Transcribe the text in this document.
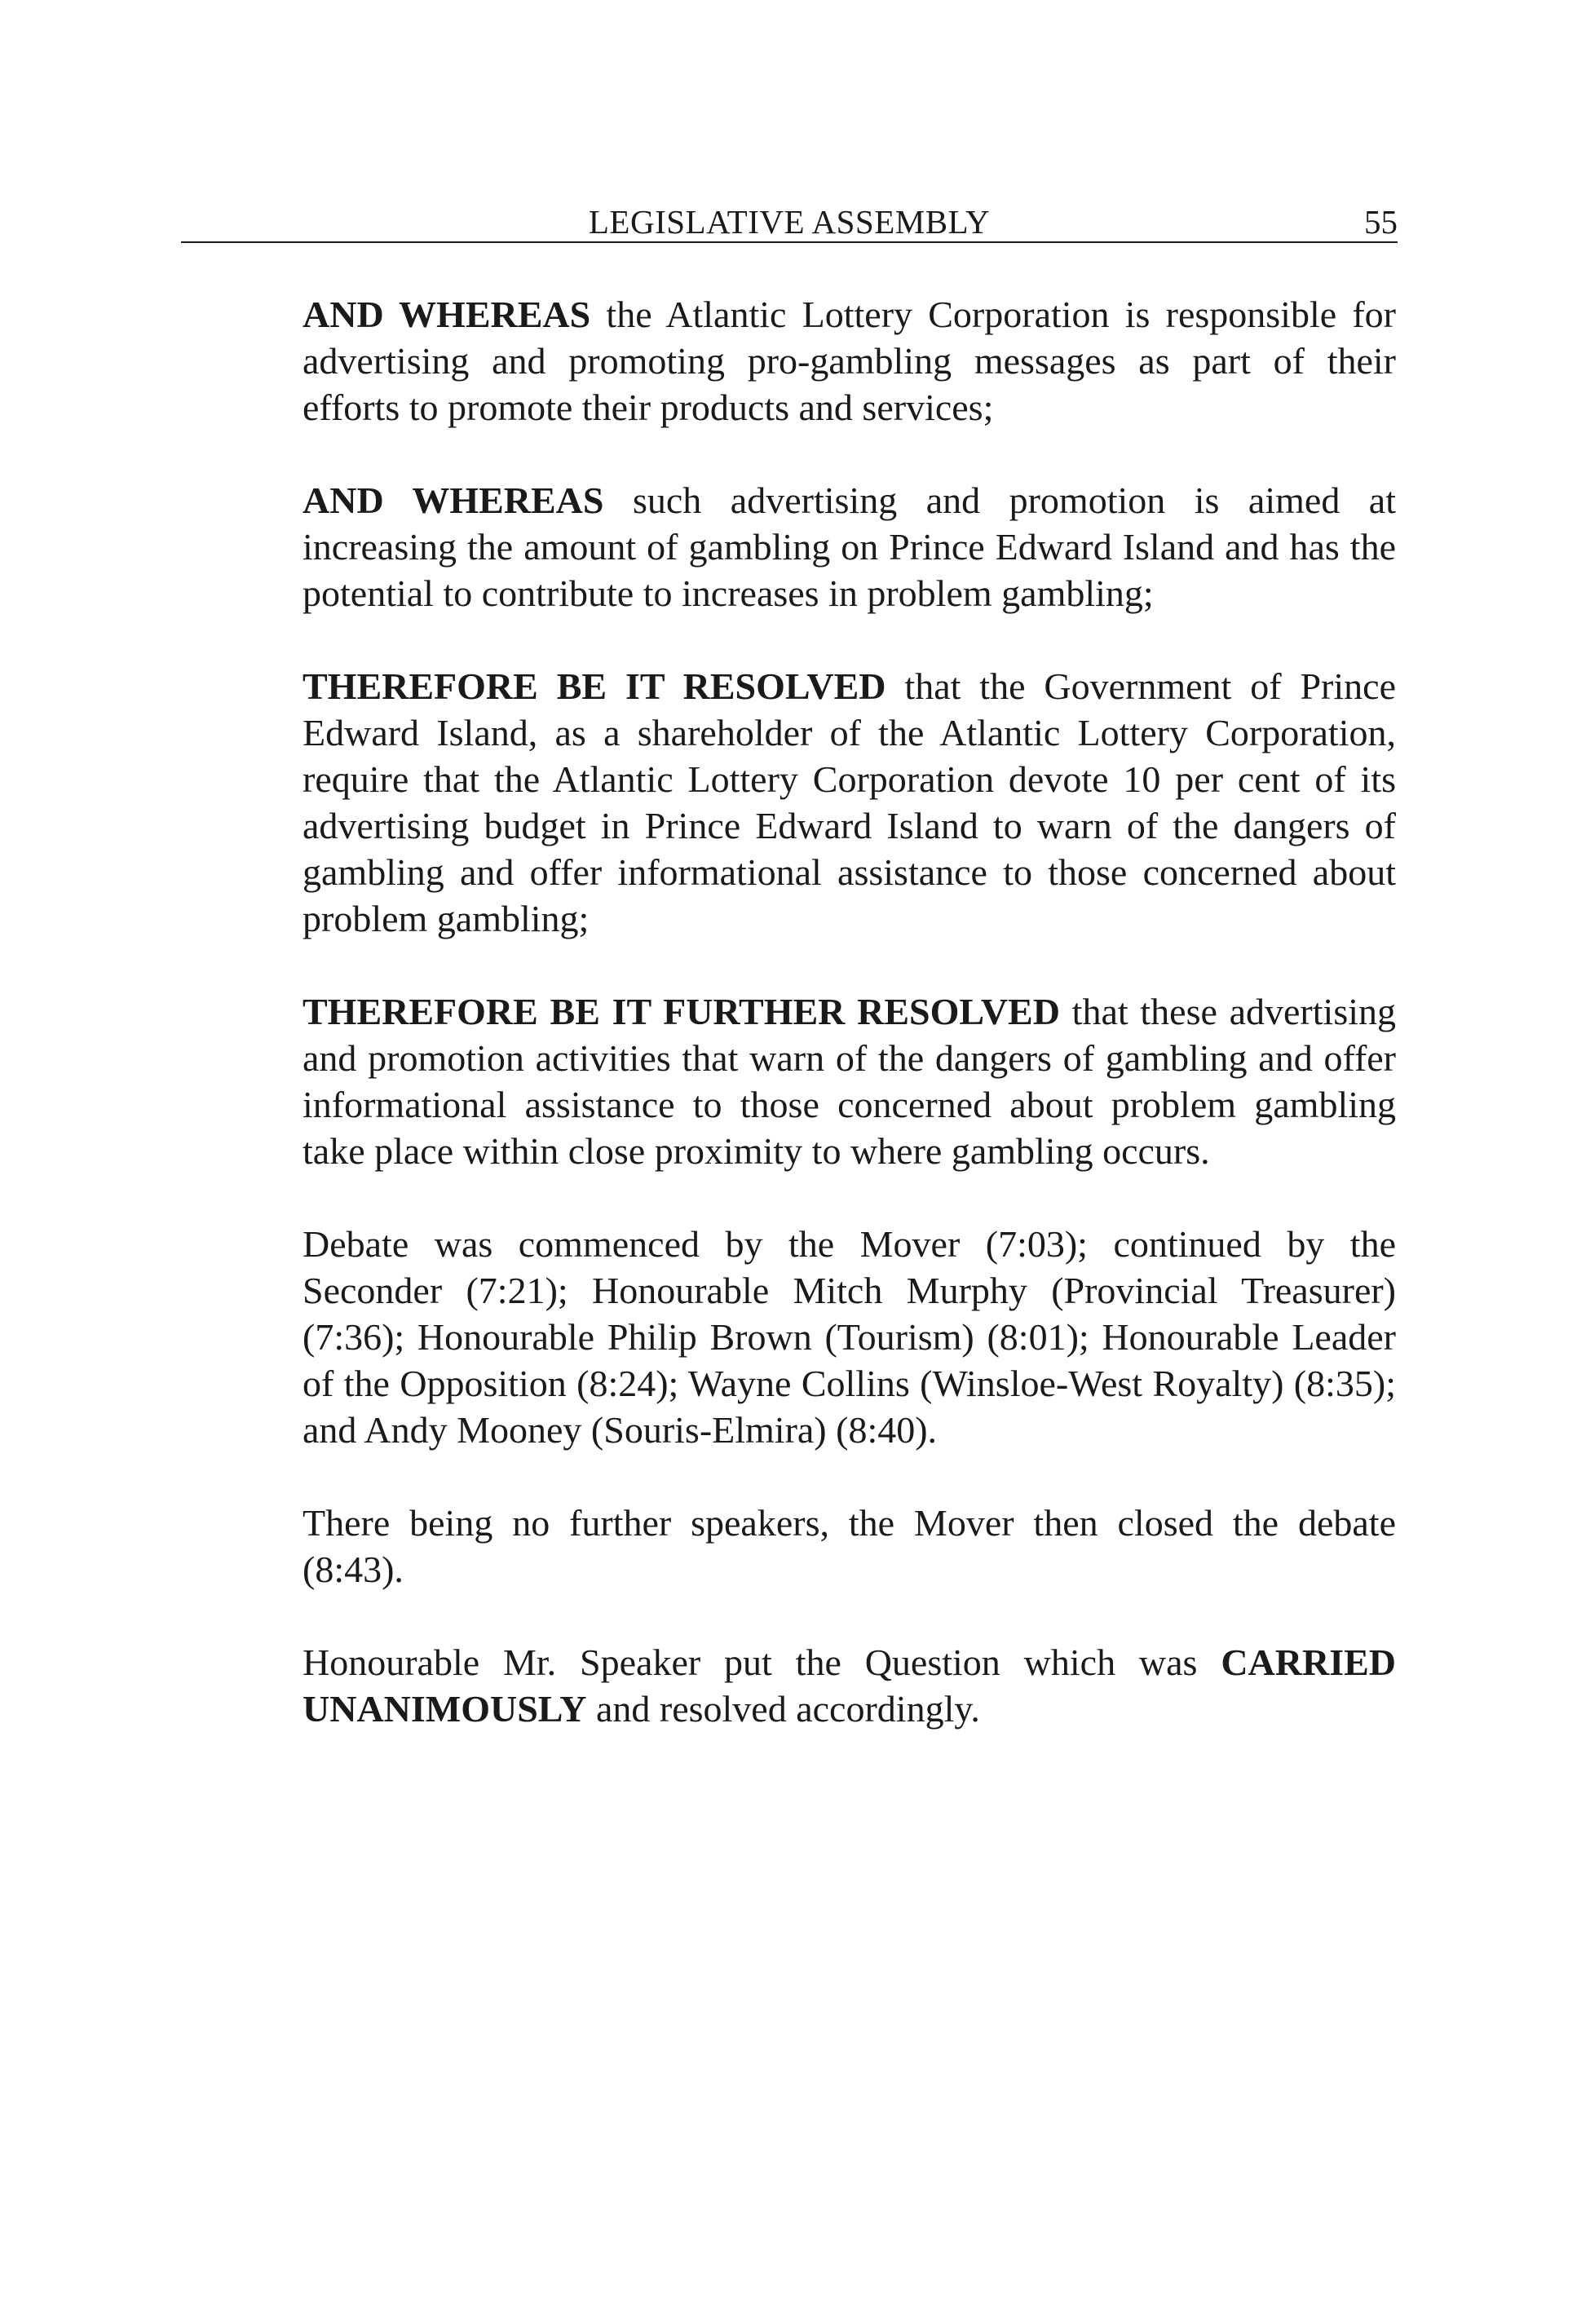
LEGISLATIVE ASSEMBLY	55

AND WHEREAS the Atlantic Lottery Corporation is responsible for advertising and promoting pro-gambling messages as part of their efforts to promote their products and services;

AND WHEREAS such advertising and promotion is aimed at increasing the amount of gambling on Prince Edward Island and has the potential to contribute to increases in problem gambling;

THEREFORE BE IT RESOLVED that the Government of Prince Edward Island, as a shareholder of the Atlantic Lottery Corporation, require that the Atlantic Lottery Corporation devote 10 per cent of its advertising budget in Prince Edward Island to warn of the dangers of gambling and offer informational assistance to those concerned about problem gambling;

THEREFORE BE IT FURTHER RESOLVED that these advertising and promotion activities that warn of the dangers of gambling and offer informational assistance to those concerned about problem gambling take place within close proximity to where gambling occurs.

Debate was commenced by the Mover (7:03); continued by the Seconder (7:21); Honourable Mitch Murphy (Provincial Treasurer) (7:36); Honourable Philip Brown (Tourism) (8:01); Honourable Leader of the Opposition (8:24); Wayne Collins (Winsloe-West Royalty) (8:35); and Andy Mooney (Souris-Elmira) (8:40).

There being no further speakers, the Mover then closed the debate (8:43).

Honourable Mr. Speaker put the Question which was CARRIED UNANIMOUSLY and resolved accordingly.
